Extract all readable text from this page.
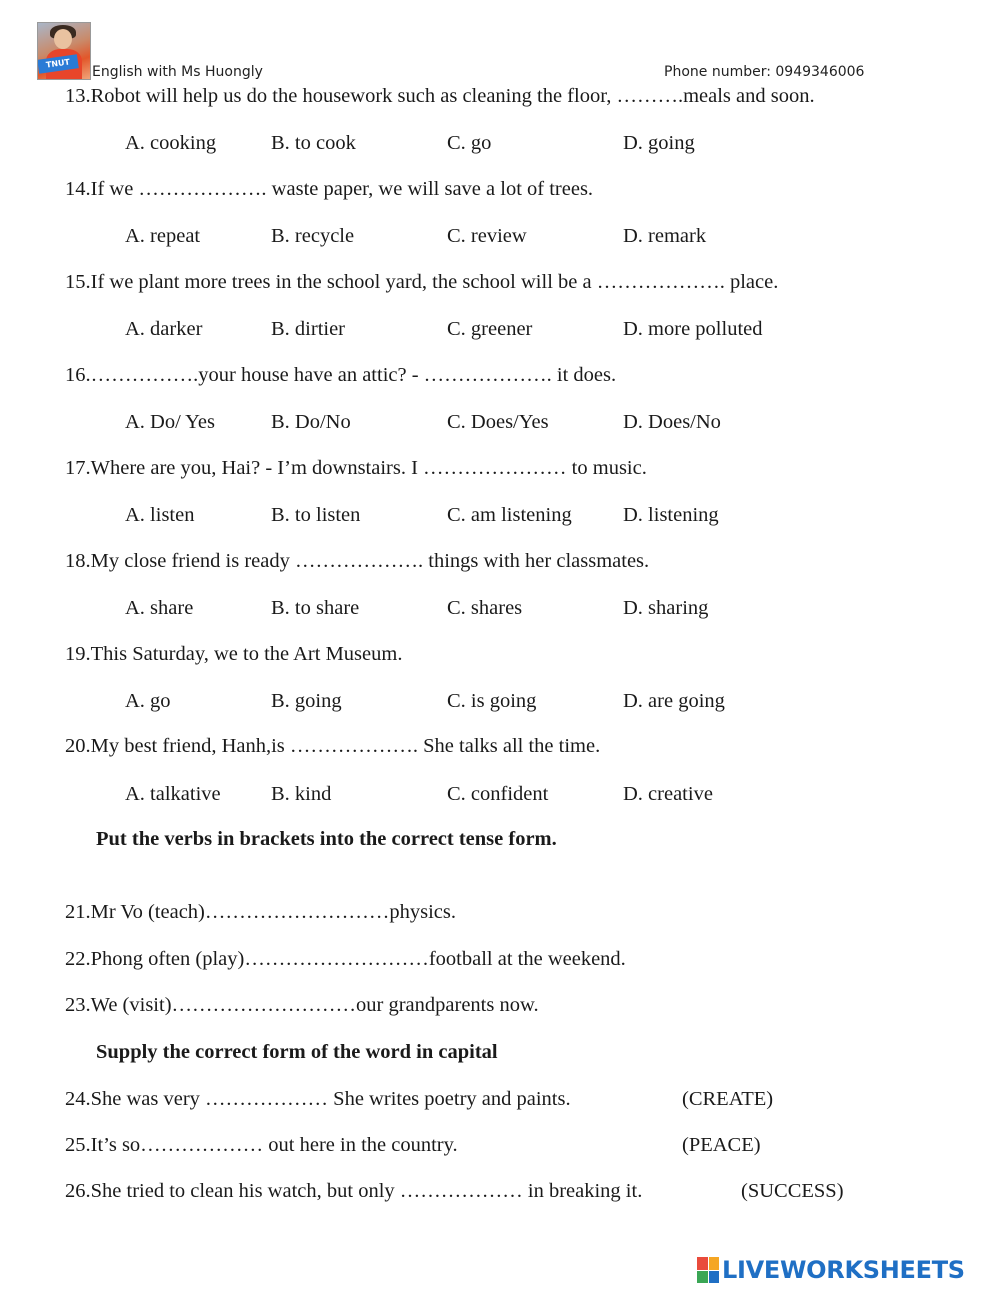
TNUT
English with Ms Huongly	Phone number: 0949346006
13.Robot will help us do the housework such as cleaning the floor, ……….meals and soon.
A. cooking	B. to cook	C. go	D. going
14.If we ………………. waste paper, we will save a lot of trees.
A. repeat	B. recycle	C. review	D. remark
15.If we plant more trees in the school yard, the school will be a ………………. place.
A. darker	B. dirtier	C. greener	D. more polluted
16.…………….your house have an attic? - ………………. it does.
A. Do/ Yes	B. Do/No	C. Does/Yes	D. Does/No
17.Where are you, Hai? - I’m downstairs. I ………………… to music.
A. listen	B. to listen	C. am listening	D. listening
18.My close friend is ready ………………. things with her classmates.
A. share	B. to share	C. shares	D. sharing
19.This Saturday, we to the Art Museum.
A. go	B. going	C. is going	D. are going
20.My best friend, Hanh,is ………………. She talks all the time.
A. talkative B. kind	C. confident	D. creative
Put the verbs in brackets into the correct tense form.
21.Mr Vo (teach)………………………physics.
22.Phong often (play)………………………football at the weekend.
23.We (visit)………………………our grandparents now.
Supply the correct form of the word in capital
24.She was very ……………… She writes poetry and paints.	(CREATE)
25.It’s so……………… out here in the country.	(PEACE)
26.She tried to clean his watch, but only ……………… in breaking it.	(SUCCESS)
LIVEWORKSHEETS
